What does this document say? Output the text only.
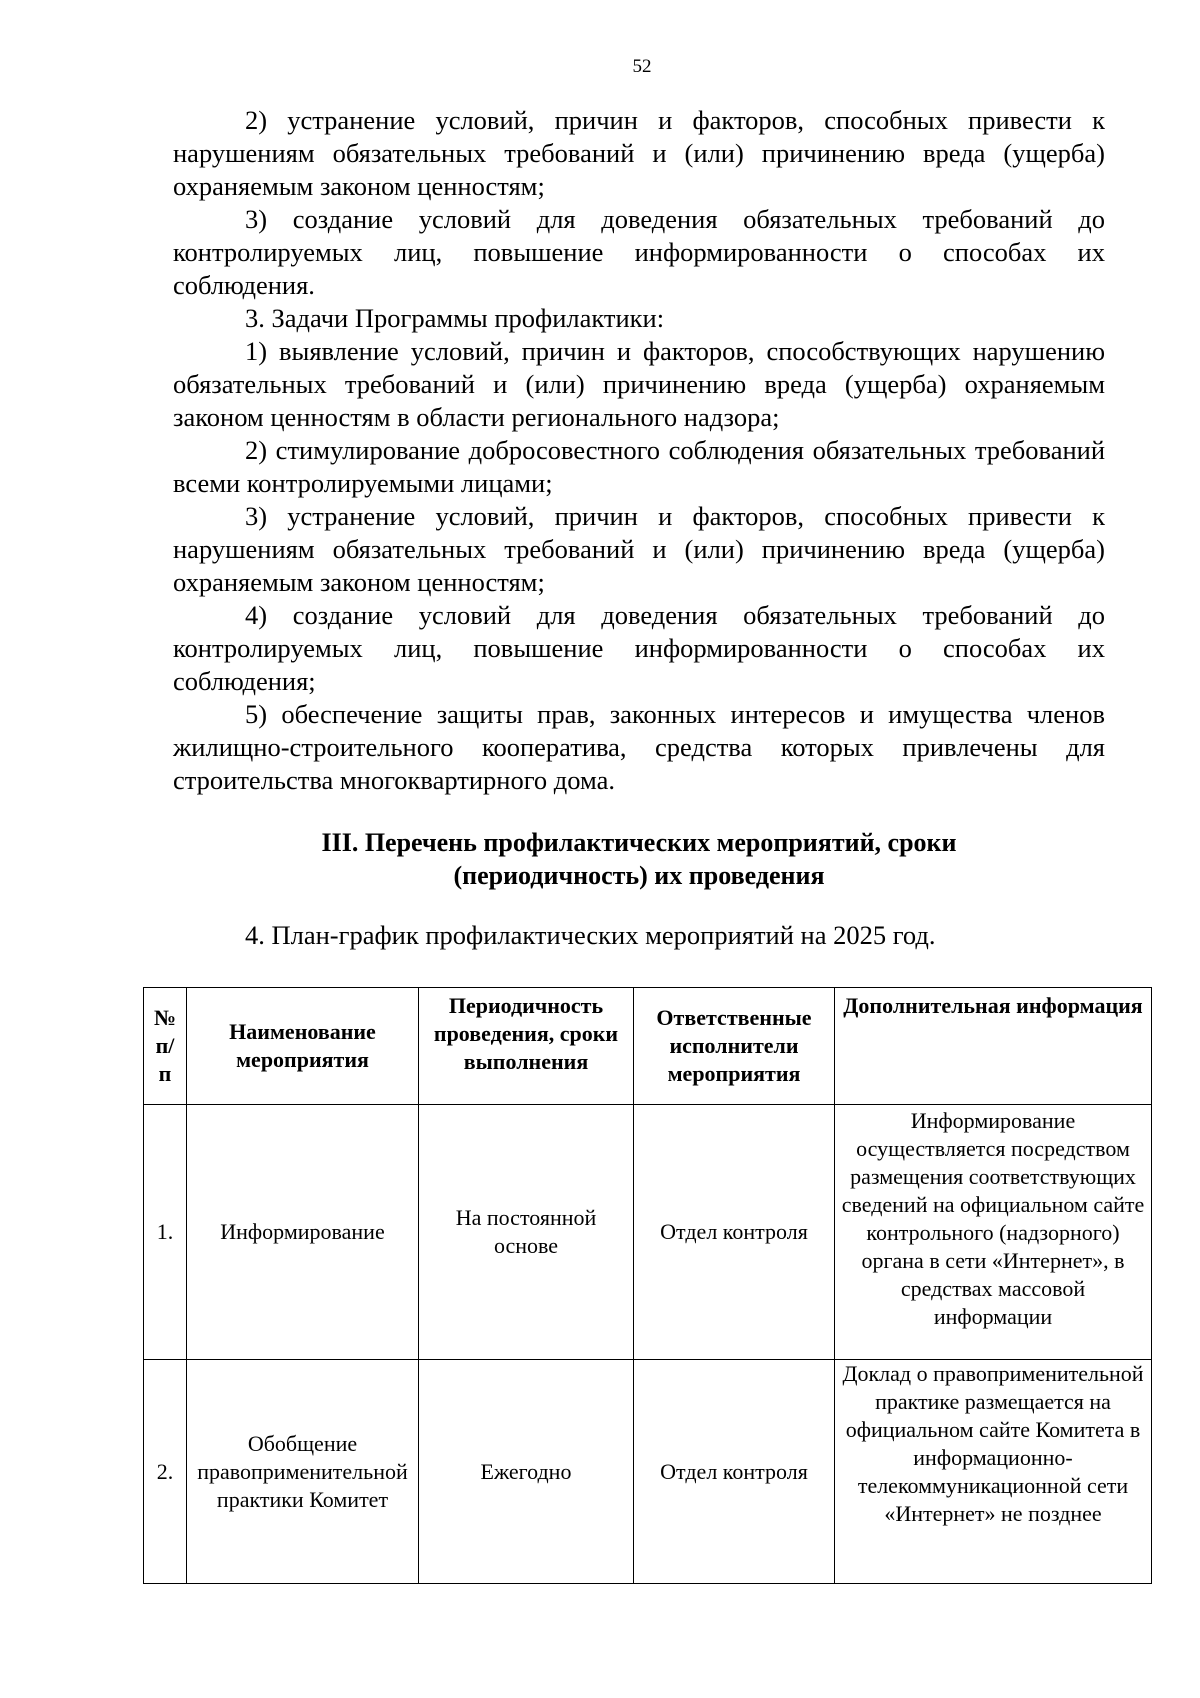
52

2) устранение условий, причин и факторов, способных привести к нарушениям обязательных требований и (или) причинению вреда (ущерба) охраняемым законом ценностям;

3) создание условий для доведения обязательных требований до контролируемых лиц, повышение информированности о способах их соблюдения.

3. Задачи Программы профилактики:

1) выявление условий, причин и факторов, способствующих нарушению обязательных требований и (или) причинению вреда (ущерба) охраняемым законом ценностям в области регионального надзора;

2) стимулирование добросовестного соблюдения обязательных требований всеми контролируемыми лицами;

3) устранение условий, причин и факторов, способных привести к нарушениям обязательных требований и (или) причинению вреда (ущерба) охраняемым законом ценностям;

4) создание условий для доведения обязательных требований до контролируемых лиц, повышение информированности о способах их соблюдения;

5) обеспечение защиты прав, законных интересов и имущества членов жилищно-строительного кооператива, средства которых привлечены для строительства многоквартирного дома.

III. Перечень профилактических мероприятий, сроки
(периодичность) их проведения
4. План-график профилактических мероприятий на 2025 год.
№ п/ п	Наименование мероприятия	Периодичность проведения, сроки выполнения	Ответственные исполнители мероприятия	Дополнительная информация
1.	Информирование	На постоянной основе	Отдел контроля	Информирование осуществляется посредством размещения соответствующих сведений на официальном сайте контрольного (надзорного) органа в сети «Интернет», в средствах массовой информации
2.	Обобщение правоприменительной практики Комитет	Ежегодно	Отдел контроля	Доклад о правоприменительной практике размещается на официальном сайте Комитета в информационно-телекоммуникационной сети «Интернет» не позднее
